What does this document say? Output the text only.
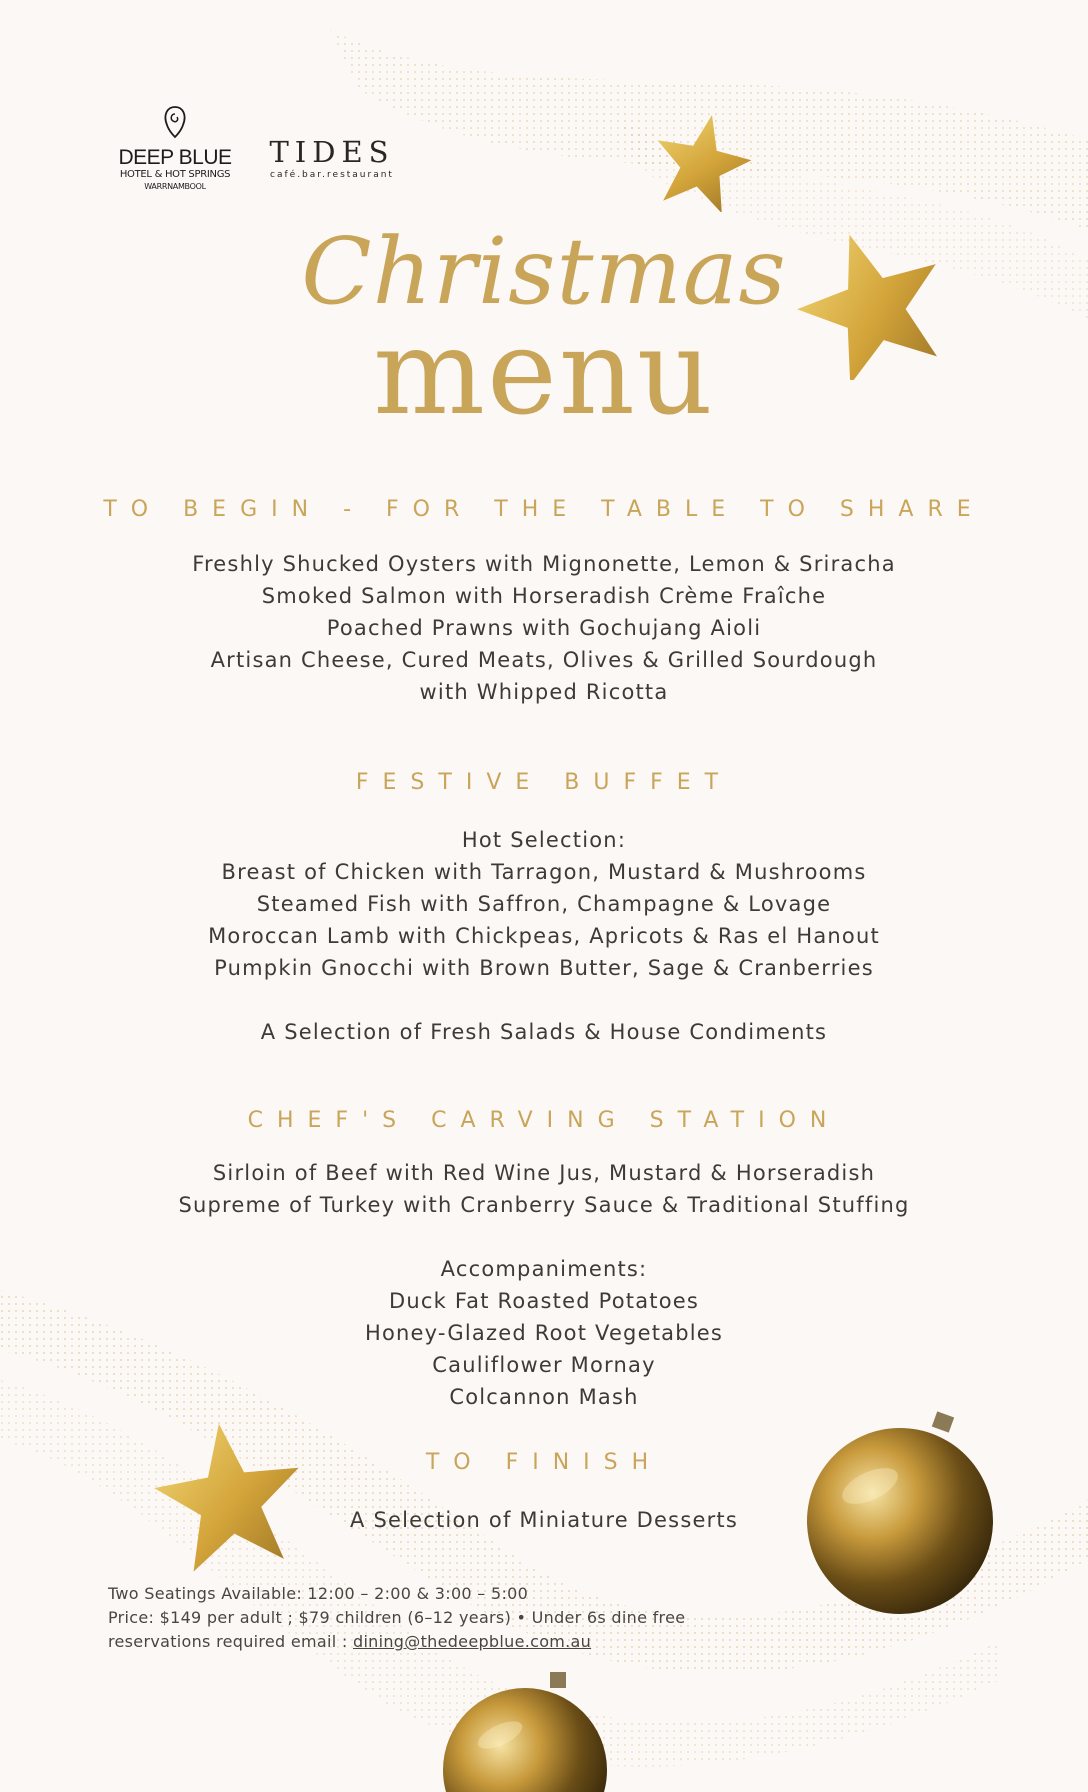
DEEP BLUE
HOTEL & HOT SPRINGS
WARRNAMBOOL
TIDES
café.bar.restaurant
Christmas
menu
TO BEGIN - FOR THE TABLE TO SHARE
Freshly Shucked Oysters with Mignonette, Lemon & Sriracha
Smoked Salmon with Horseradish Crème Fraîche
Poached Prawns with Gochujang Aioli
Artisan Cheese, Cured Meats, Olives & Grilled Sourdough
with Whipped Ricotta
FESTIVE BUFFET
Hot Selection:
Breast of Chicken with Tarragon, Mustard & Mushrooms
Steamed Fish with Saffron, Champagne & Lovage
Moroccan Lamb with Chickpeas, Apricots & Ras el Hanout
Pumpkin Gnocchi with Brown Butter, Sage & Cranberries
A Selection of Fresh Salads & House Condiments
CHEF'S CARVING STATION
Sirloin of Beef with Red Wine Jus, Mustard & Horseradish
Supreme of Turkey with Cranberry Sauce & Traditional Stuffing
Accompaniments:
Duck Fat Roasted Potatoes
Honey-Glazed Root Vegetables
Cauliflower Mornay
Colcannon Mash
TO FINISH
A Selection of Miniature Desserts
Two Seatings Available: 12:00 – 2:00 & 3:00 – 5:00
Price: $149 per adult ; $79 children (6–12 years) • Under 6s dine free
reservations required email : dining@thedeepblue.com.au
